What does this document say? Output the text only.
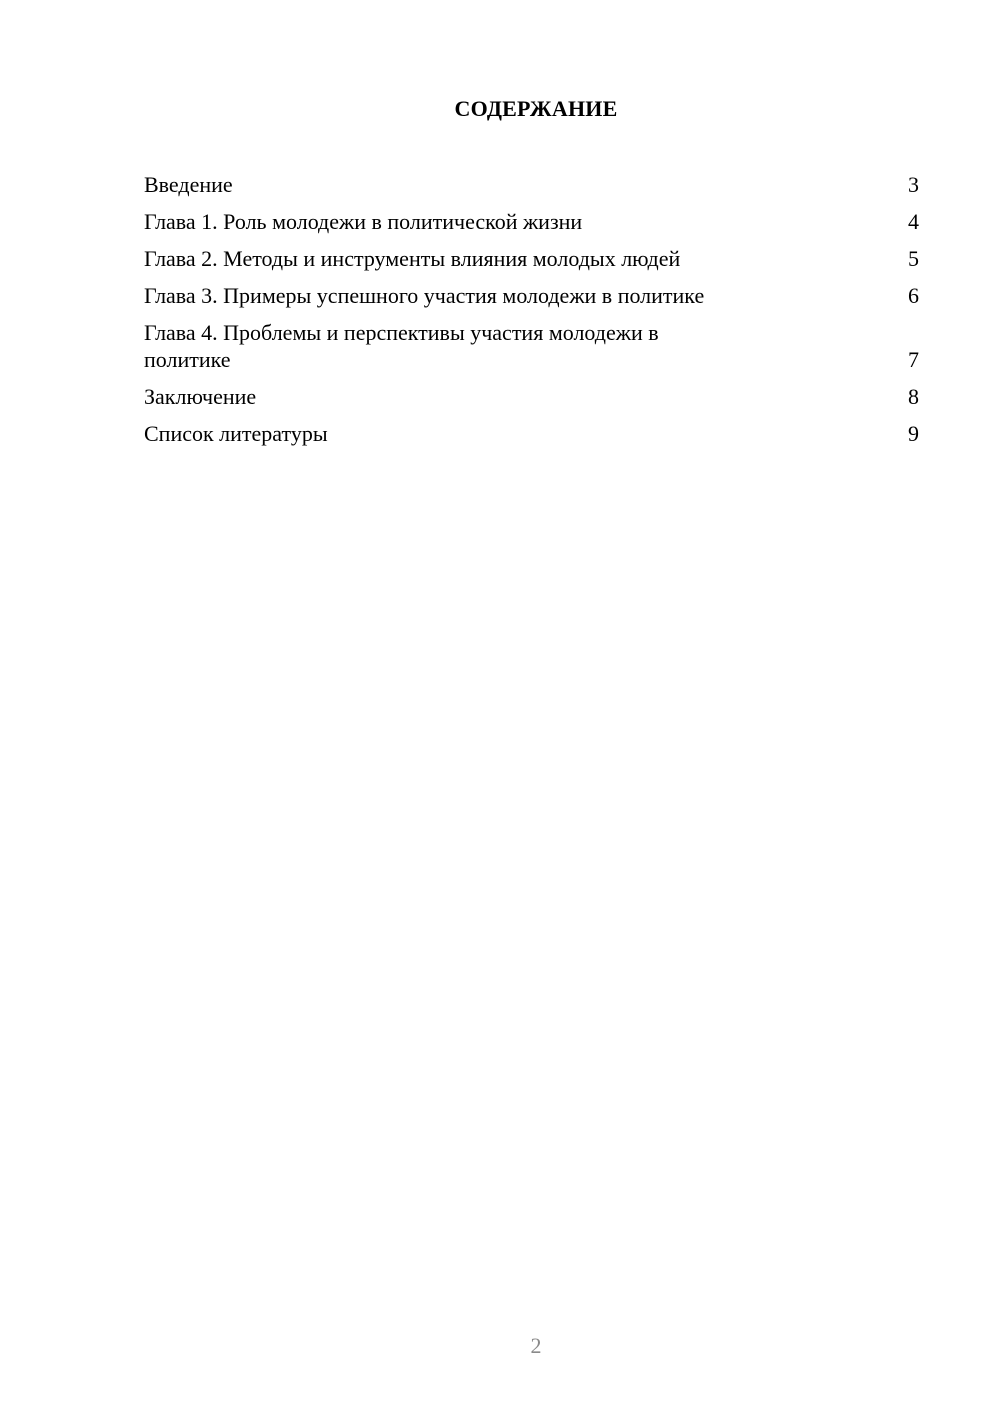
СОДЕРЖАНИЕ
Введение	3
Глава 1. Роль молодежи в политической жизни	4
Глава 2. Методы и инструменты влияния молодых людей	5
Глава 3. Примеры успешного участия молодежи в политике	6
Глава 4. Проблемы и перспективы участия молодежи в политике	7
Заключение	8
Список литературы	9
2
